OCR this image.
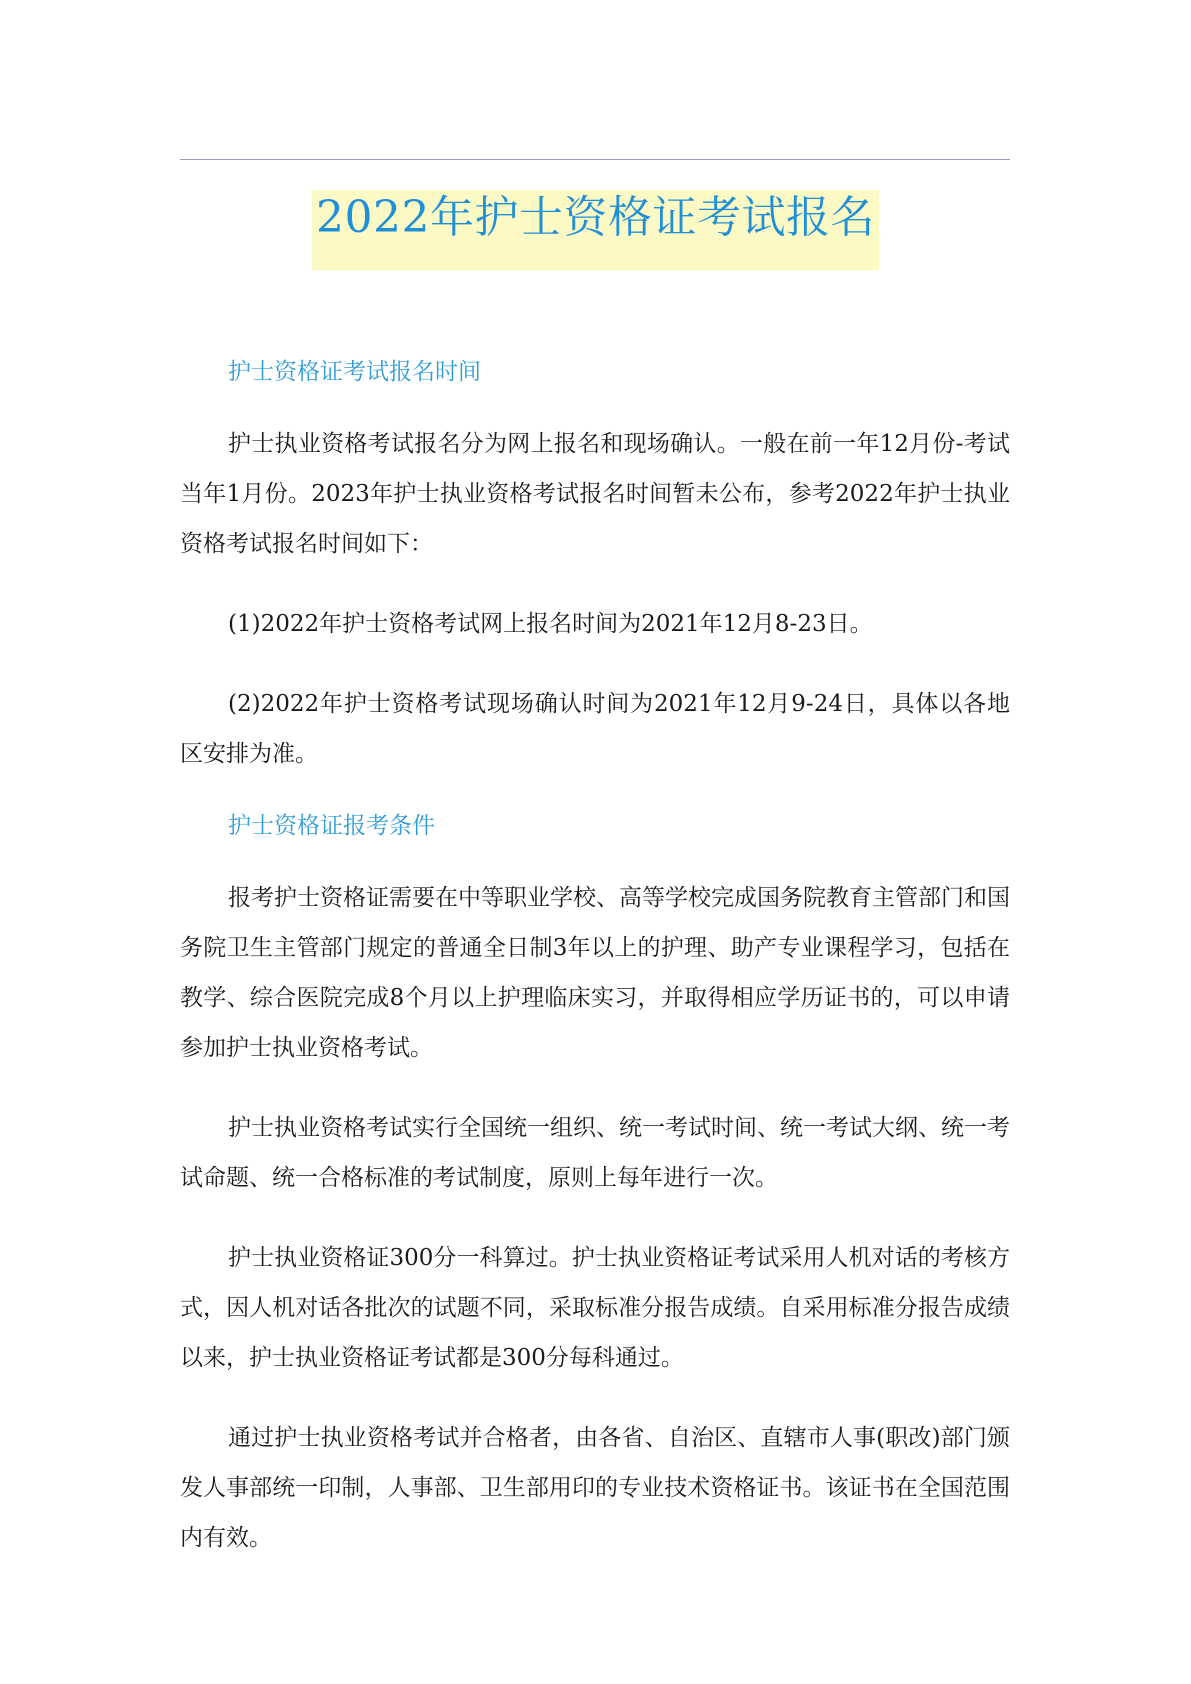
2022年护士资格证考试报名

护士资格证考试报名时间

护士执业资格考试报名分为网上报名和现场确认。一般在前一年12月份-考试当年1月份。2023年护士执业资格考试报名时间暂未公布，参考2022年护士执业资格考试报名时间如下：

(1)2022年护士资格考试网上报名时间为2021年12月8-23日。

(2)2022年护士资格考试现场确认时间为2021年12月9-24日，具体以各地区安排为准。

护士资格证报考条件

报考护士资格证需要在中等职业学校、高等学校完成国务院教育主管部门和国务院卫生主管部门规定的普通全日制3年以上的护理、助产专业课程学习，包括在教学、综合医院完成8个月以上护理临床实习，并取得相应学历证书的，可以申请参加护士执业资格考试。

护士执业资格考试实行全国统一组织、统一考试时间、统一考试大纲、统一考试命题、统一合格标准的考试制度，原则上每年进行一次。

护士执业资格证300分一科算过。护士执业资格证考试采用人机对话的考核方式，因人机对话各批次的试题不同，采取标准分报告成绩。自采用标准分报告成绩以来，护士执业资格证考试都是300分每科通过。

通过护士执业资格考试并合格者，由各省、自治区、直辖市人事(职改)部门颁发人事部统一印制，人事部、卫生部用印的专业技术资格证书。该证书在全国范围内有效。
